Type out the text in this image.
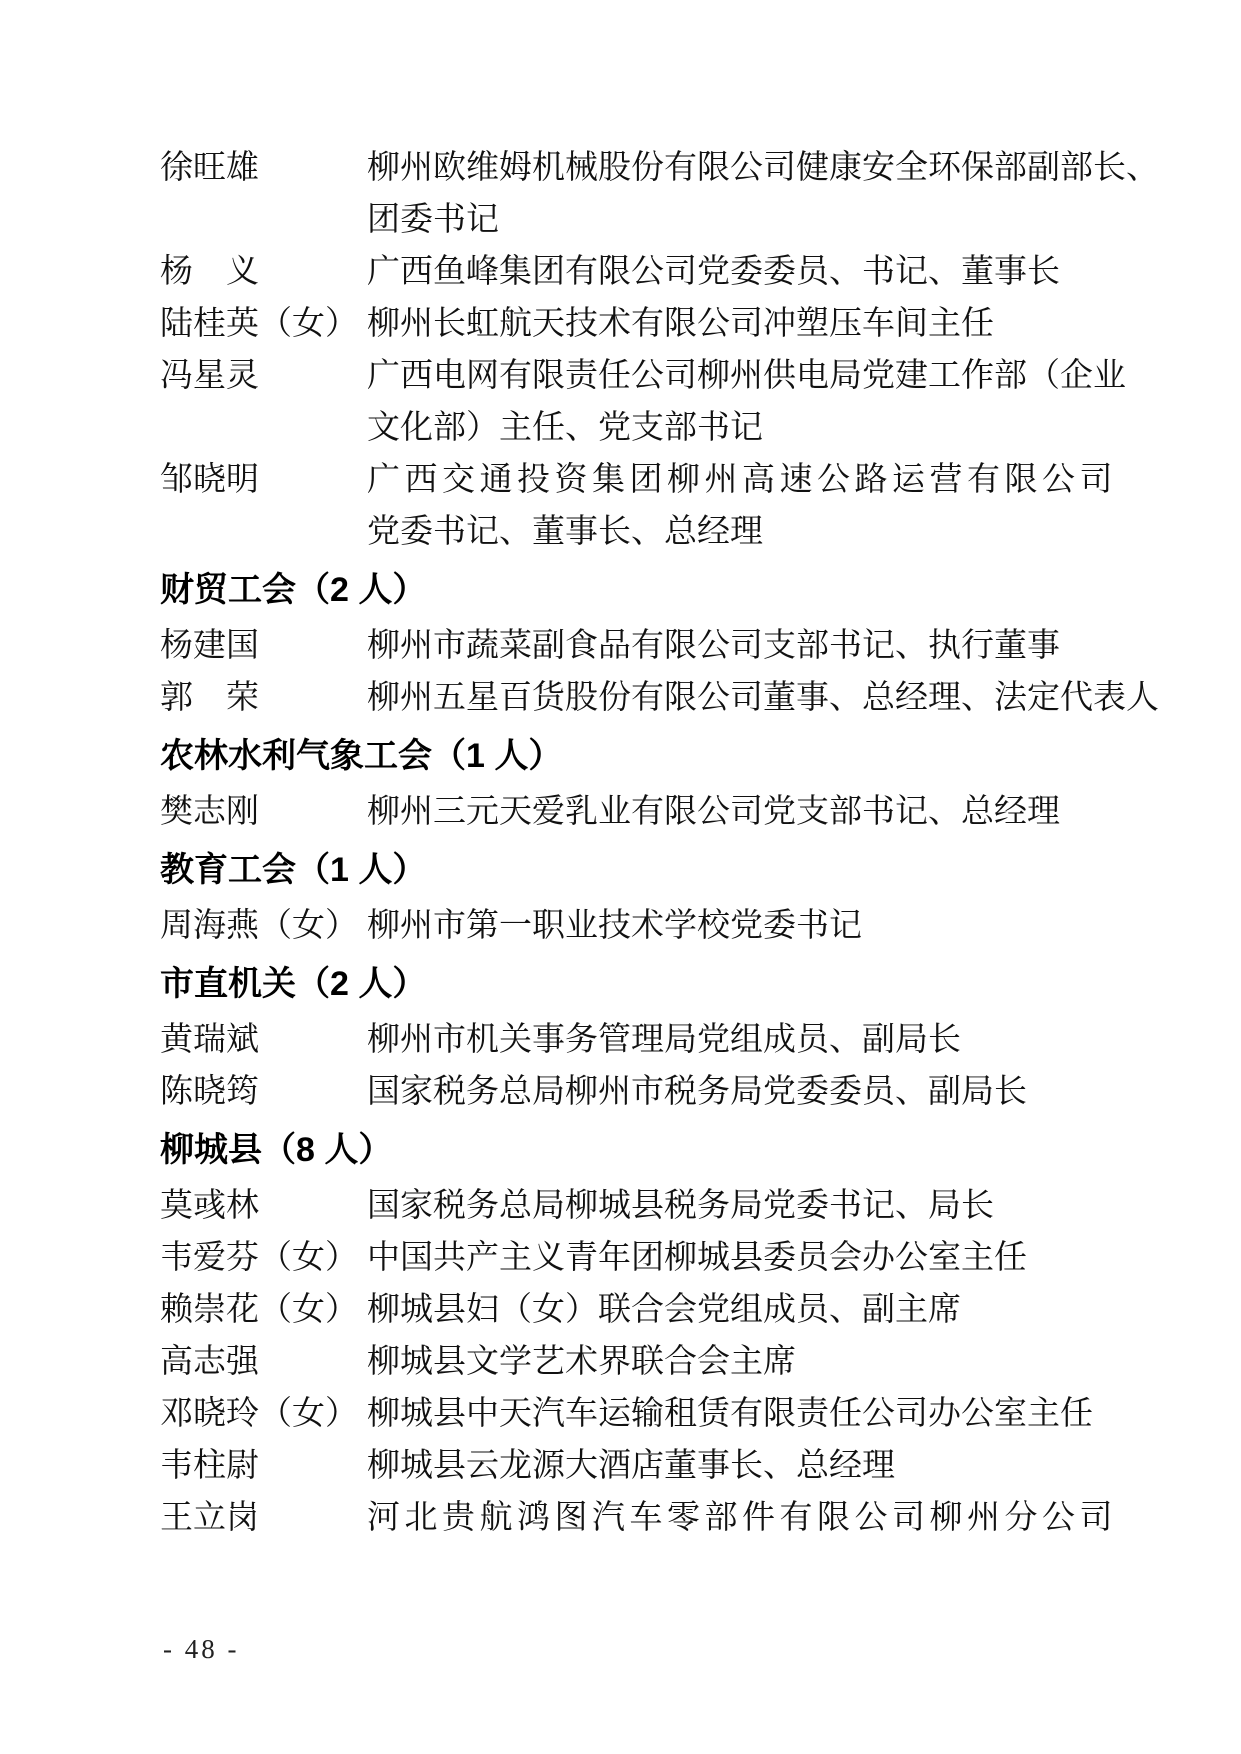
徐旺雄	柳州欧维姆机械股份有限公司健康安全环保部副部长、
团委书记
杨　义	广西鱼峰集团有限公司党委委员、书记、董事长
陆桂英（女） 柳州长虹航天技术有限公司冲塑压车间主任
冯星灵	广西电网有限责任公司柳州供电局党建工作部（企业
文化部）主任、党支部书记
邹晓明	广西交通投资集团柳州高速公路运营有限公司
党委书记、董事长、总经理
财贸工会（2 人）
杨建国	柳州市蔬菜副食品有限公司支部书记、执行董事
郭　荣	柳州五星百货股份有限公司董事、总经理、法定代表人
农林水利气象工会（1 人）
樊志刚	柳州三元天爱乳业有限公司党支部书记、总经理
教育工会（1 人）
周海燕（女） 柳州市第一职业技术学校党委书记
市直机关（2 人）
黄瑞斌	柳州市机关事务管理局党组成员、副局长
陈晓筠	国家税务总局柳州市税务局党委委员、副局长
柳城县（8 人）
莫彧林	国家税务总局柳城县税务局党委书记、局长
韦爱芬（女） 中国共产主义青年团柳城县委员会办公室主任
赖崇花（女） 柳城县妇（女）联合会党组成员、副主席
高志强	柳城县文学艺术界联合会主席
邓晓玲（女） 柳城县中天汽车运输租赁有限责任公司办公室主任
韦柱尉	柳城县云龙源大酒店董事长、总经理
王立岗	河北贵航鸿图汽车零部件有限公司柳州分公司
- 48 -
